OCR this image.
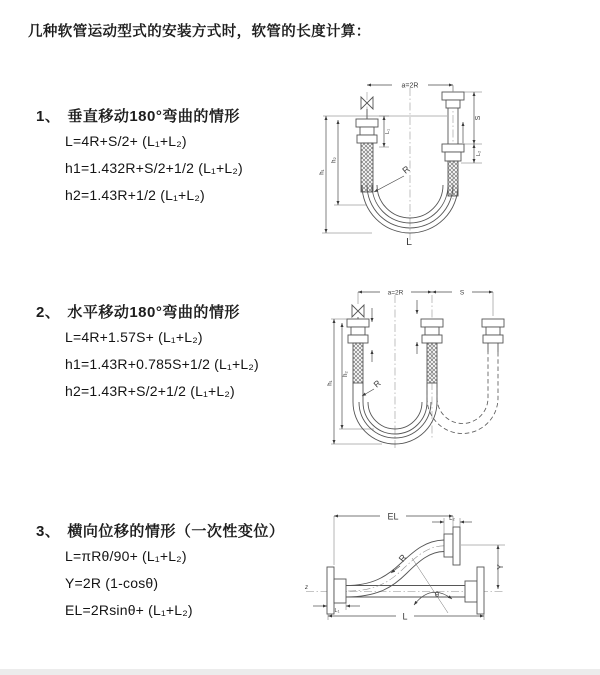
几种软管运动型式的安装方式时，软管的长度计算：
1、 垂直移动180°弯曲的情形
L=4R+S/2+ (L₁+L₂)
h1=1.432R+S/2+1/2 (L₁+L₂)
h2=1.43R+1/2 (L₁+L₂)
2、 水平移动180°弯曲的情形
L=4R+1.57S+ (L₁+L₂)
h1=1.43R+0.785S+1/2 (L₁+L₂)
h2=1.43R+S/2+1/2 (L₁+L₂)
3、 横向位移的情形（一次性变位）
L=πRθ/90+ (L₁+L₂)
Y=2R (1-cosθ)
EL=2Rsinθ+ (L₁+L₂)
a=2R
L₁
S
L₂
h₁
h₂
R
L
a=2R	S
h₁
h₂
R
z
EL	L₂
Y
R
θ
L₁
L
